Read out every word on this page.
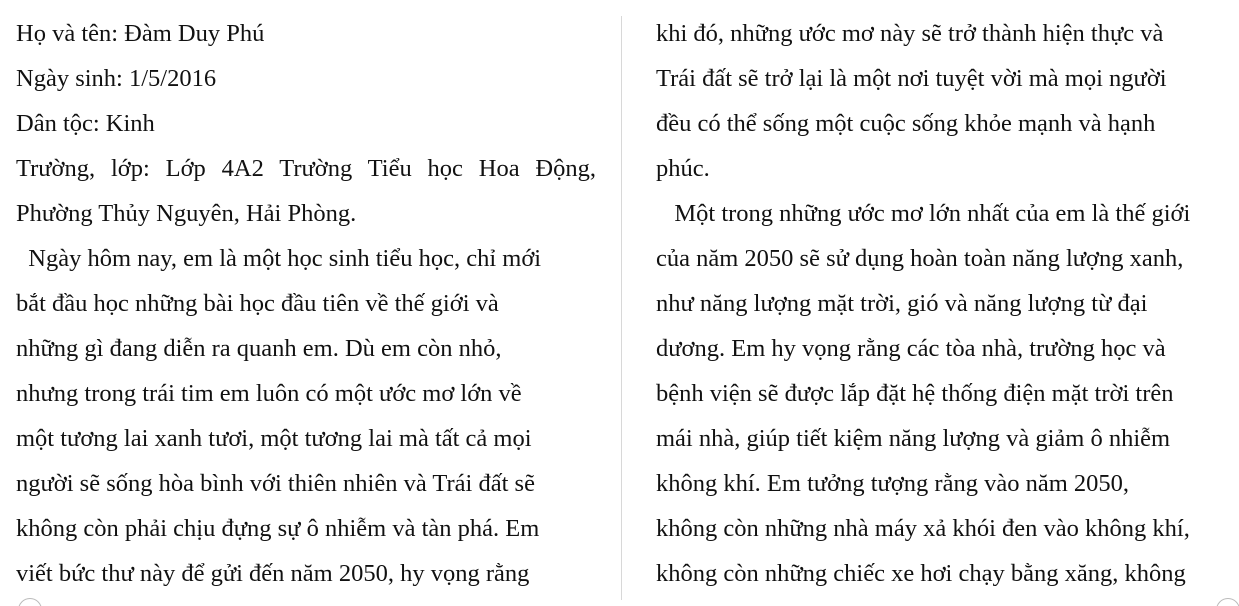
Họ và tên: Đàm Duy Phú
Ngày sinh: 1/5/2016
Dân tộc: Kinh
Trường, lớp: Lớp 4A2 Trường Tiểu học Hoa Động,
Phường Thủy Nguyên, Hải Phòng.
Ngày hôm nay, em là một học sinh tiểu học, chỉ mới
bắt đầu học những bài học đầu tiên về thế giới và
những gì đang diễn ra quanh em. Dù em còn nhỏ,
nhưng trong trái tim em luôn có một ước mơ lớn về
một tương lai xanh tươi, một tương lai mà tất cả mọi
người sẽ sống hòa bình với thiên nhiên và Trái đất sẽ
không còn phải chịu đựng sự ô nhiễm và tàn phá. Em
viết bức thư này để gửi đến năm 2050, hy vọng rằng
khi đó, những ước mơ này sẽ trở thành hiện thực và
Trái đất sẽ trở lại là một nơi tuyệt vời mà mọi người
đều có thể sống một cuộc sống khỏe mạnh và hạnh
phúc.
Một trong những ước mơ lớn nhất của em là thế giới
của năm 2050 sẽ sử dụng hoàn toàn năng lượng xanh,
như năng lượng mặt trời, gió và năng lượng từ đại
dương. Em hy vọng rằng các tòa nhà, trường học và
bệnh viện sẽ được lắp đặt hệ thống điện mặt trời trên
mái nhà, giúp tiết kiệm năng lượng và giảm ô nhiễm
không khí. Em tưởng tượng rằng vào năm 2050,
không còn những nhà máy xả khói đen vào không khí,
không còn những chiếc xe hơi chạy bằng xăng, không
